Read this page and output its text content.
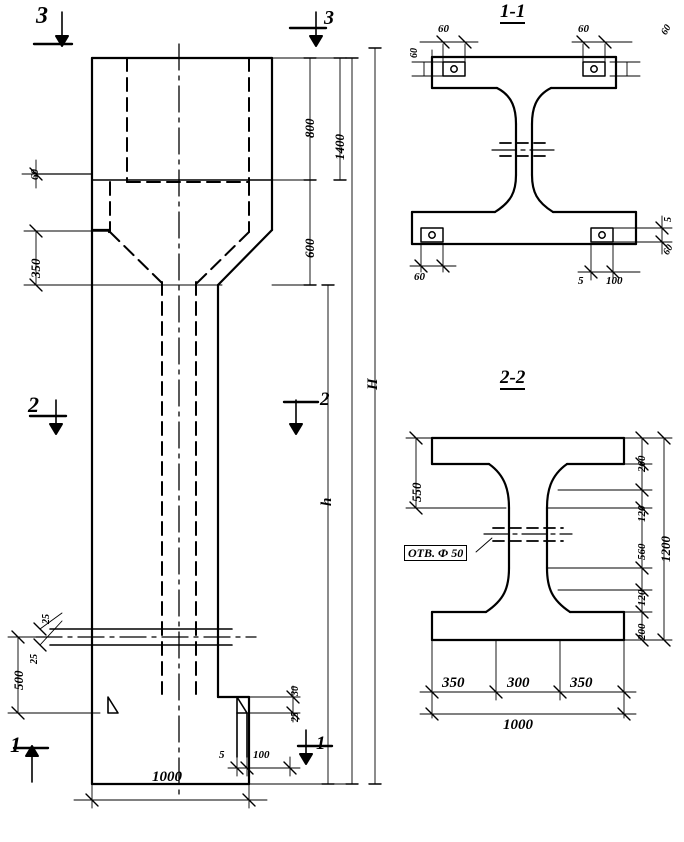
1-1
2-2
3	3
2	2
1	1
800
1400
600
H
h
60
350
500
25
25
1000
5	100
30
25
60
60
60	60
60	5 100
5
60
550
200
120
560
120
200
1200
ОТВ. Ф 50
350	300	350
1000
